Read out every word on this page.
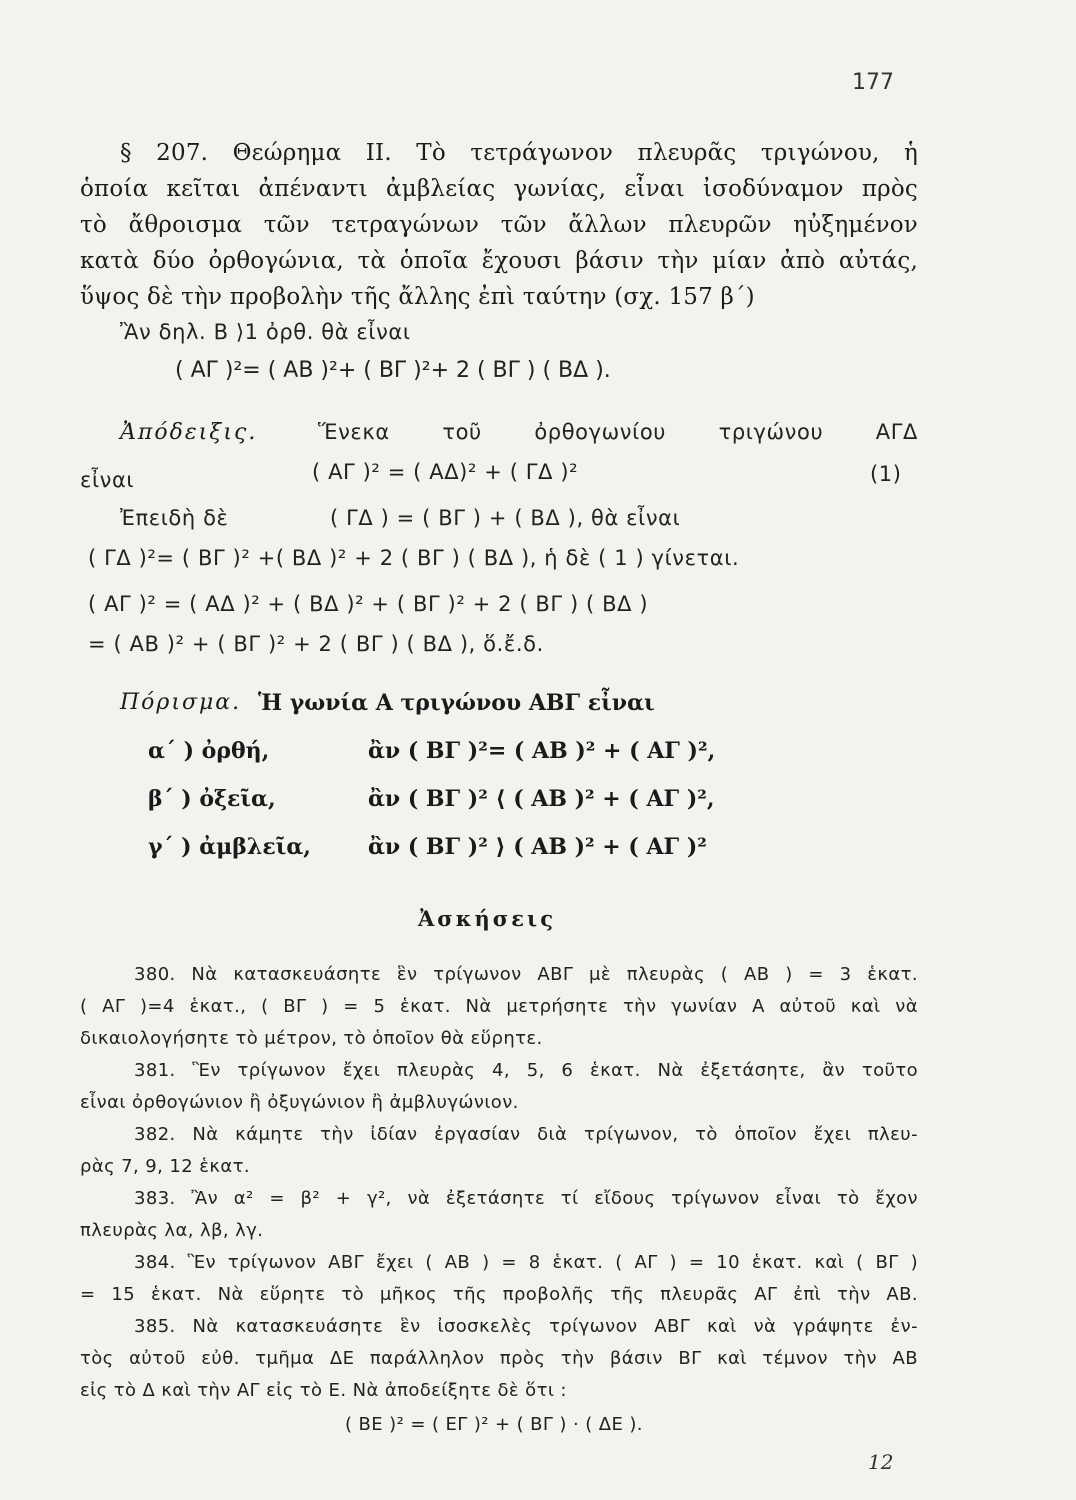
177
§ 207. Θεώρημα ΙΙ. Τὸ τετράγωνον πλευρᾶς τριγώνου, ἡ
ὁποία κεῖται ἀπέναντι ἀμβλείας γωνίας, εἶναι ἰσοδύναμον πρὸς
τὸ ἄθροισμα τῶν τετραγώνων τῶν ἄλλων πλευρῶν ηὐξημένον
κατὰ δύο ὀρθογώνια, τὰ ὁποῖα ἔχουσι βάσιν τὴν μίαν ἀπὸ αὐτάς,
ὕψος δὲ τὴν προβολὴν τῆς ἄλλης ἐπὶ ταύτην (σχ. 157 β΄)
Ἂν δηλ. Β ⟩1 ὀρθ. θὰ εἶναι
( ΑΓ )²= ( ΑΒ )²+ ( ΒΓ )²+ 2 ( ΒΓ ) ( ΒΔ ).
Ἀπόδειξις.	Ἕνεκα τοῦ ὀρθογωνίου τριγώνου ΑΓΔ
εἶναι	( ΑΓ )² = ( ΑΔ)² + ( ΓΔ )²	(1)
Ἐπειδὴ δὲ	( ΓΔ ) = ( ΒΓ ) + ( ΒΔ ), θὰ εἶναι
( ΓΔ )²= ( ΒΓ )² +( ΒΔ )² + 2 ( ΒΓ ) ( ΒΔ ), ἡ δὲ ( 1 ) γίνεται.
( ΑΓ )² = ( ΑΔ )² + ( ΒΔ )² + ( ΒΓ )² + 2 ( ΒΓ ) ( ΒΔ )
= ( ΑΒ )² + ( ΒΓ )² + 2 ( ΒΓ ) ( ΒΔ ), ὅ.ἔ.δ.
Πόρισμα. Ἡ γωνία Α τριγώνου ΑΒΓ εἶναι
α΄ ) ὀρθή,	ἂν ( ΒΓ )²= ( ΑΒ )² + ( ΑΓ )²,
β΄ ) ὀξεῖα,	ἂν ( ΒΓ )² ⟨ ( ΑΒ )² + ( ΑΓ )²,
γ΄ ) ἀμβλεῖα,	ἂν ( ΒΓ )² ⟩ ( ΑΒ )² + ( ΑΓ )²
Ἀσκήσεις
380. Νὰ κατασκευάσητε ἓν τρίγωνον ΑΒΓ μὲ πλευρὰς ( ΑΒ ) = 3 ἑκατ.
( ΑΓ )=4 ἑκατ., ( ΒΓ ) = 5 ἑκατ. Νὰ μετρήσητε τὴν γωνίαν Α αὐτοῦ καὶ νὰ
δικαιολογήσητε τὸ μέτρον, τὸ ὁποῖον θὰ εὕρητε.
381. Ἓν τρίγωνον ἔχει πλευρὰς 4, 5, 6 ἑκατ. Νὰ ἐξετάσητε, ἂν τοῦτο
εἶναι ὀρθογώνιον ἢ ὀξυγώνιον ἢ ἀμβλυγώνιον.
382. Νὰ κάμητε τὴν ἰδίαν ἐργασίαν διὰ τρίγωνον, τὸ ὁποῖον ἔχει πλευ-
ρὰς 7, 9, 12 ἑκατ.
383. Ἂν α² = β² + γ², νὰ ἐξετάσητε τί εἴδους τρίγωνον εἶναι τὸ ἔχον
πλευρὰς λα, λβ, λγ.
384. Ἓν τρίγωνον ΑΒΓ ἔχει ( ΑΒ ) = 8 ἑκατ. ( ΑΓ ) = 10 ἑκατ. καὶ ( ΒΓ )
= 15 ἑκατ. Νὰ εὕρητε τὸ μῆκος τῆς προβολῆς τῆς πλευρᾶς ΑΓ ἐπὶ τὴν ΑΒ.
385. Νὰ κατασκευάσητε ἓν ἰσοσκελὲς τρίγωνον ΑΒΓ καὶ νὰ γράψητε ἐν-
τὸς αὐτοῦ εὐθ. τμῆμα ΔΕ παράλληλον πρὸς τὴν βάσιν ΒΓ καὶ τέμνον τὴν ΑΒ
εἰς τὸ Δ καὶ τὴν ΑΓ εἰς τὸ Ε. Νὰ ἀποδείξητε δὲ ὅτι :
( ΒΕ )² = ( ΕΓ )² + ( ΒΓ ) · ( ΔΕ ).
12
